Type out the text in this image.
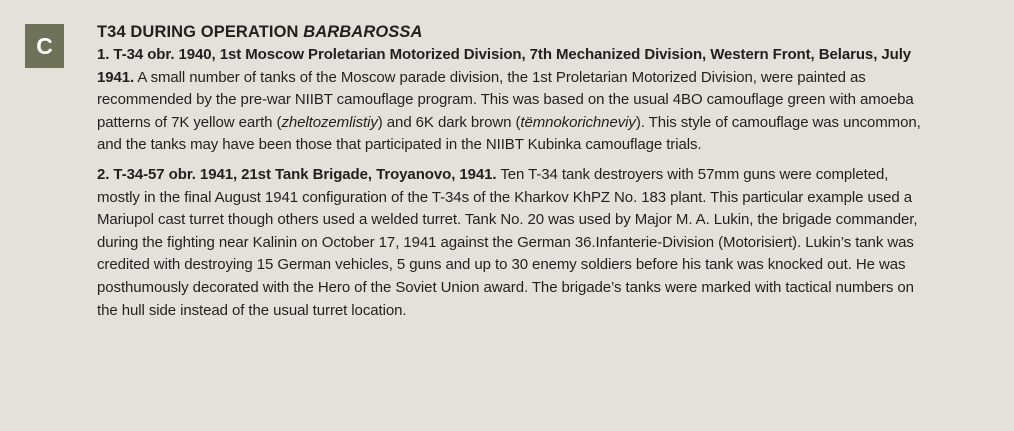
C

T34 DURING OPERATION BARBAROSSA

1. T-34 obr. 1940, 1st Moscow Proletarian Motorized Division, 7th Mechanized Division, Western Front, Belarus, July 1941. A small number of tanks of the Moscow parade division, the 1st Proletarian Motorized Division, were painted as recommended by the pre-war NIIBT camouflage program. This was based on the usual 4BO camouflage green with amoeba patterns of 7K yellow earth (zheltozemlistiy) and 6K dark brown (tёmnokorichneviy). This style of camouflage was uncommon, and the tanks may have been those that participated in the NIIBT Kubinka camouflage trials.

2. T-34-57 obr. 1941, 21st Tank Brigade, Troyanovo, 1941. Ten T-34 tank destroyers with 57mm guns were completed, mostly in the final August 1941 configuration of the T-34s of the Kharkov KhPZ No. 183 plant. This particular example used a Mariupol cast turret though others used a welded turret. Tank No. 20 was used by Major M. A. Lukin, the brigade commander, during the fighting near Kalinin on October 17, 1941 against the German 36.Infanterie-Division (Motorisiert). Lukin’s tank was credited with destroying 15 German vehicles, 5 guns and up to 30 enemy soldiers before his tank was knocked out. He was posthumously decorated with the Hero of the Soviet Union award. The brigade’s tanks were marked with tactical numbers on the hull side instead of the usual turret location.
